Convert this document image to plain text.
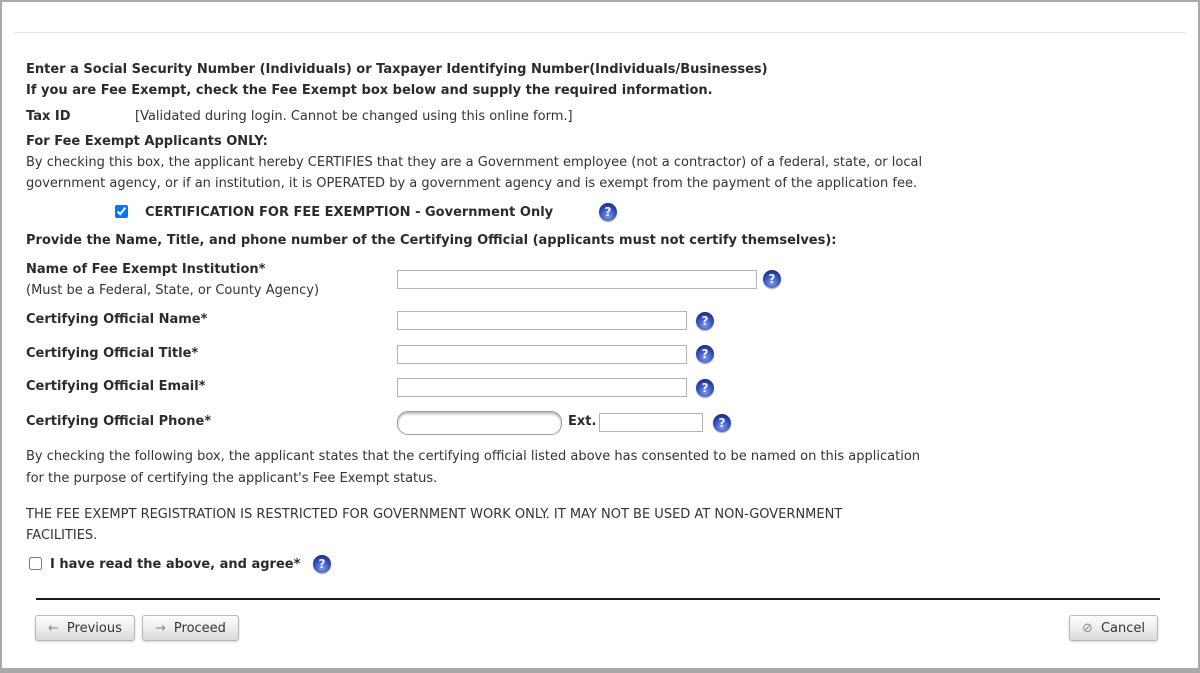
Enter a Social Security Number (Individuals) or Taxpayer Identifying Number(Individuals/Businesses)
If you are Fee Exempt, check the Fee Exempt box below and supply the required information.
Tax ID	[Validated during login. Cannot be changed using this online form.]
For Fee Exempt Applicants ONLY:
By checking this box, the applicant hereby CERTIFIES that they are a Government employee (not a contractor) of a federal, state, or local government agency, or if an institution, it is OPERATED by a government agency and is exempt from the payment of the application fee.
CERTIFICATION FOR FEE EXEMPTION - Government Only	?
Provide the Name, Title, and phone number of the Certifying Official (applicants must not certify themselves):
Name of Fee Exempt Institution*
(Must be a Federal, State, or County Agency)
?
Certifying Official Name*	?
Certifying Official Title*	?
Certifying Official Email*	?
Certifying Official Phone*	Ext.	?
By checking the following box, the applicant states that the certifying official listed above has consented to be named on this application for the purpose of certifying the applicant's Fee Exempt status.
THE FEE EXEMPT REGISTRATION IS RESTRICTED FOR GOVERNMENT WORK ONLY. IT MAY NOT BE USED AT NON-GOVERNMENT FACILITIES.
I have read the above, and agree*	?
← Previous	→ Proceed	⊘ Cancel
